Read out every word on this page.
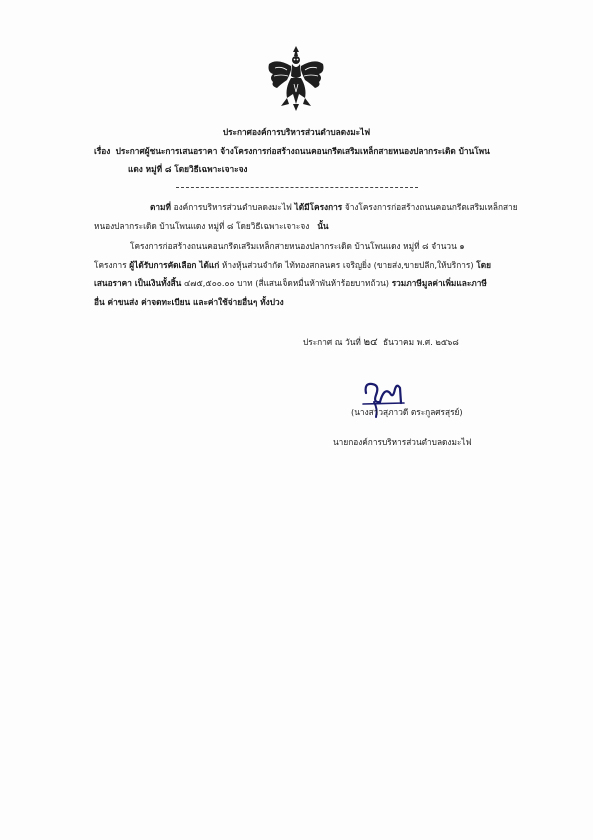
ประกาศองค์การบริหารส่วนตำบลดงมะไฟ
เรื่อง ประกาศผู้ชนะการเสนอราคา จ้างโครงการก่อสร้างถนนคอนกรีตเสริมเหล็กสายหนองปลากระเดิด บ้านโพน
แดง หมู่ที่ ๘ โดยวิธีเฉพาะเจาะจง
ตามที่ องค์การบริหารส่วนตำบลดงมะไฟ ได้มีโครงการ จ้างโครงการก่อสร้างถนนคอนกรีตเสริมเหล็กสาย
หนองปลากระเดิด บ้านโพนแดง หมู่ที่ ๘ โดยวิธีเฉพาะเจาะจง นั้น
โครงการก่อสร้างถนนคอนกรีตเสริมเหล็กสายหนองปลากระเดิด บ้านโพนแดง หมู่ที่ ๘ จำนวน ๑
โครงการ ผู้ได้รับการคัดเลือก ได้แก่ ห้างหุ้นส่วนจำกัด ไท้ทองสกลนคร เจริญยิ่ง (ขายส่ง,ขายปลีก,ให้บริการ) โดย
เสนอราคา เป็นเงินทั้งสิ้น ๔๗๕,๕๐๐.๐๐ บาท (สี่แสนเจ็ดหมื่นห้าพันห้าร้อยบาทถ้วน) รวมภาษีมูลค่าเพิ่มและภาษี
อื่น ค่าขนส่ง ค่าจดทะเบียน และค่าใช้จ่ายอื่นๆ ทั้งปวง
ประกาศ ณ วันที่ ๒๔ ธันวาคม พ.ศ. ๒๕๖๘
(นางสาวสุภาวดี ตระกูลศรสุรย์)
นายกองค์การบริหารส่วนตำบลดงมะไฟ
